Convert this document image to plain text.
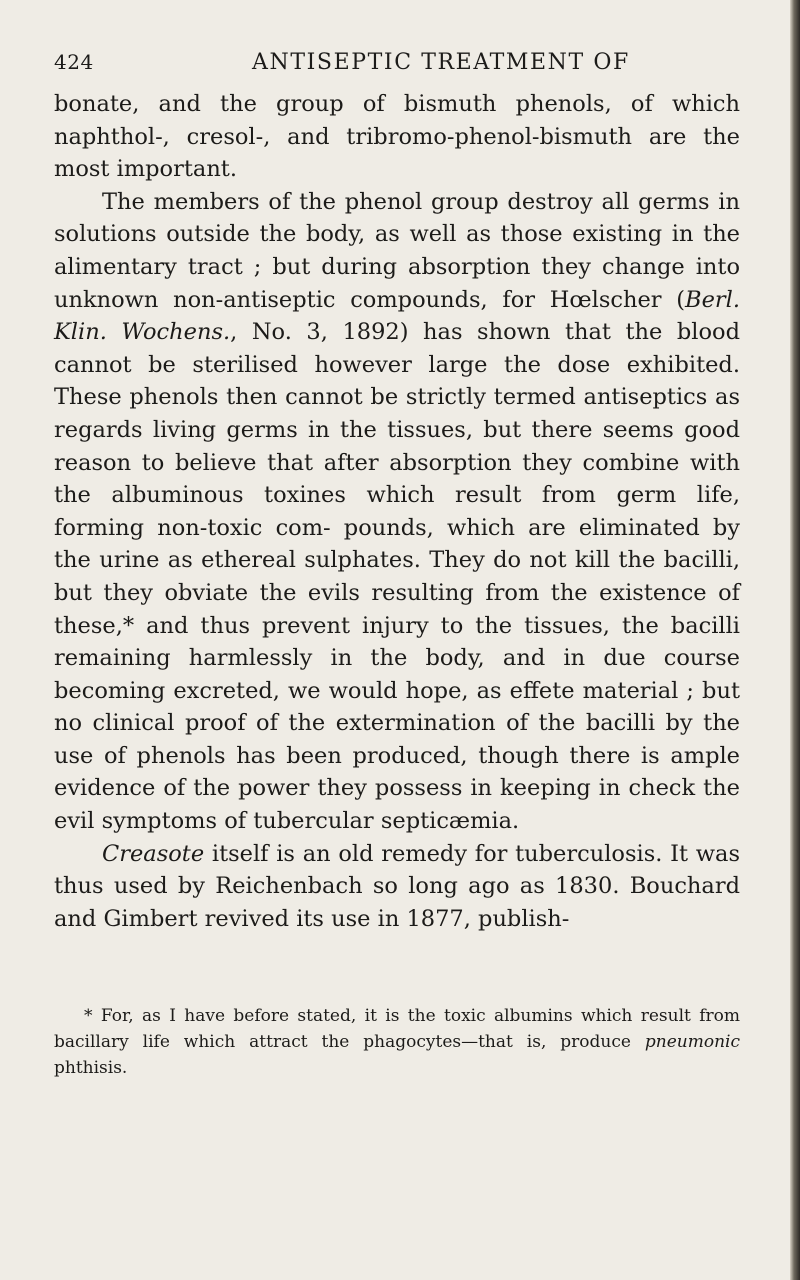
424	ANTISEPTIC TREATMENT OF

bonate, and the group of bismuth phenols, of which naphthol-, cresol-, and tribromo-phenol-bismuth are the most important.

The members of the phenol group destroy all germs in solutions outside the body, as well as those existing in the alimentary tract ; but during absorption they change into unknown non-antiseptic compounds, for Hœlscher (Berl. Klin. Wochens., No. 3, 1892) has shown that the blood cannot be sterilised however large the dose exhibited. These phenols then cannot be strictly termed antiseptics as regards living germs in the tissues, but there seems good reason to believe that after absorption they combine with the albuminous toxines which result from germ life, forming non-toxic com- pounds, which are eliminated by the urine as ethereal sulphates. They do not kill the bacilli, but they obviate the evils resulting from the existence of these,* and thus prevent injury to the tissues, the bacilli remaining harmlessly in the body, and in due course becoming excreted, we would hope, as effete material ; but no clinical proof of the extermination of the bacilli by the use of phenols has been produced, though there is ample evidence of the power they possess in keeping in check the evil symptoms of tubercular septicæmia.

Creasote itself is an old remedy for tuberculosis. It was thus used by Reichenbach so long ago as 1830. Bouchard and Gimbert revived its use in 1877, publish-

* For, as I have before stated, it is the toxic albumins which result from bacillary life which attract the phagocytes—that is, produce pneumonic phthisis.
